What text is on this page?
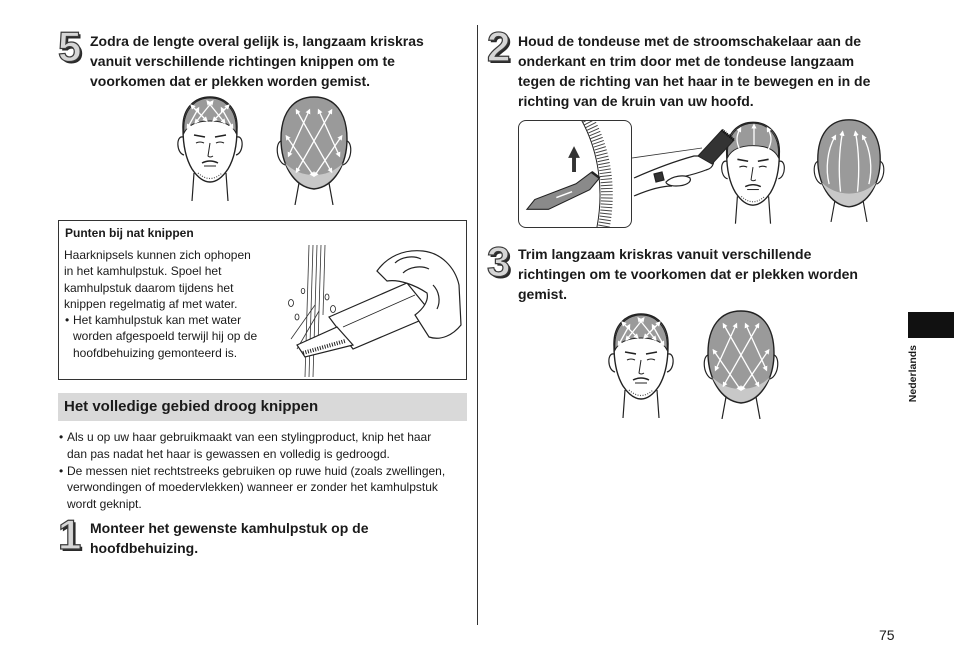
5 Zodra de lengte overal gelijk is, langzaam kriskras
vanuit verschillende richtingen knippen om te
voorkomen dat er plekken worden gemist.
Punten bij nat knippen
Haarknipsels kunnen zich ophopen
in het kamhulpstuk. Spoel het
kamhulpstuk daarom tijdens het
knippen regelmatig af met water.
• Het kamhulpstuk kan met water
worden afgespoeld terwijl hij op de
hoofdbehuizing gemonteerd is.
Het volledige gebied droog knippen
• Als u op uw haar gebruikmaakt van een stylingproduct, knip het haar
dan pas nadat het haar is gewassen en volledig is gedroogd.
• De messen niet rechtstreeks gebruiken op ruwe huid (zoals zwellingen,
verwondingen of moedervlekken) wanneer er zonder het kamhulpstuk
wordt geknipt.
1 Monteer het gewenste kamhulpstuk op de
hoofdbehuizing.
2 Houd de tondeuse met de stroomschakelaar aan de
onderkant en trim door met de tondeuse langzaam
tegen de richting van het haar in te bewegen en in de
richting van de kruin van uw hoofd.
3 Trim langzaam kriskras vanuit verschillende
richtingen om te voorkomen dat er plekken worden
gemist.
Nederlands
75
